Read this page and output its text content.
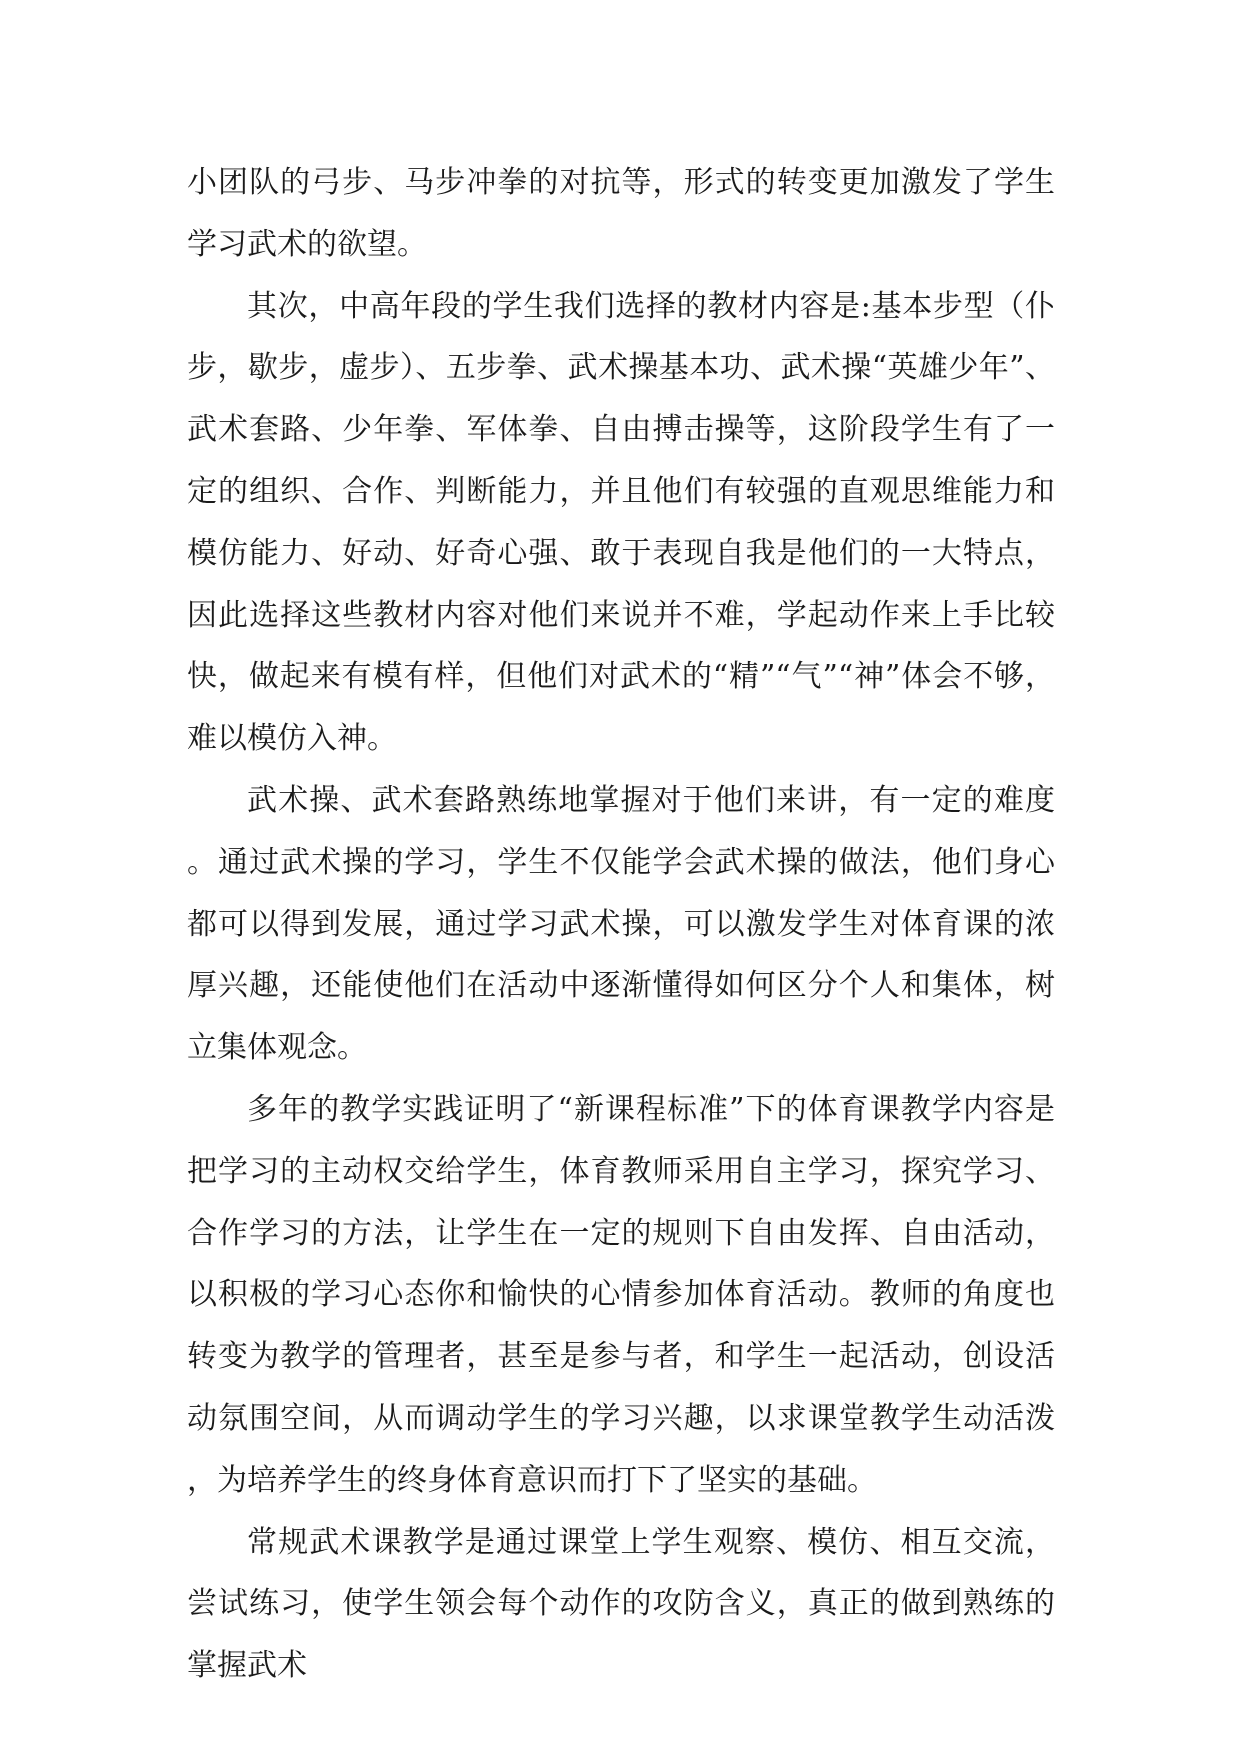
小团队的弓步、马步冲拳的对抗等，形式的转变更加激发了学生学习武术的欲望。

其次，中高年段的学生我们选择的教材内容是:基本步型（仆步，歇步，虚步）、五步拳、武术操基本功、武术操“英雄少年”、武术套路、少年拳、军体拳、自由搏击操等，这阶段学生有了一定的组织、合作、判断能力，并且他们有较强的直观思维能力和模仿能力、好动、好奇心强、敢于表现自我是他们的一大特点，因此选择这些教材内容对他们来说并不难，学起动作来上手比较快，做起来有模有样，但他们对武术的“精”“气”“神”体会不够，难以模仿入神。

武术操、武术套路熟练地掌握对于他们来讲，有一定的难度。通过武术操的学习，学生不仅能学会武术操的做法，他们身心都可以得到发展，通过学习武术操，可以激发学生对体育课的浓厚兴趣，还能使他们在活动中逐渐懂得如何区分个人和集体，树立集体观念。

多年的教学实践证明了“新课程标准”下的体育课教学内容是把学习的主动权交给学生，体育教师采用自主学习，探究学习、合作学习的方法，让学生在一定的规则下自由发挥、自由活动，以积极的学习心态你和愉快的心情参加体育活动。教师的角度也转变为教学的管理者，甚至是参与者，和学生一起活动，创设活动氛围空间，从而调动学生的学习兴趣，以求课堂教学生动活泼，为培养学生的终身体育意识而打下了坚实的基础。

常规武术课教学是通过课堂上学生观察、模仿、相互交流，尝试练习，使学生领会每个动作的攻防含义，真正的做到熟练的掌握武术
